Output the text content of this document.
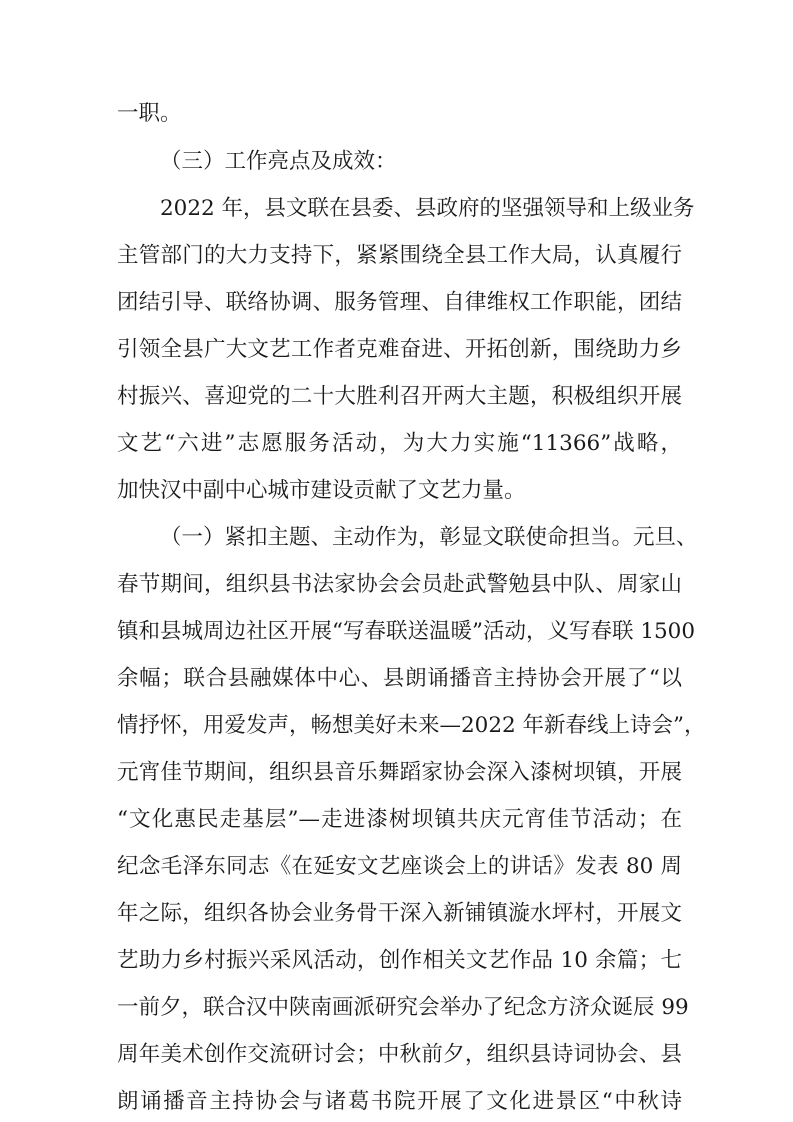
一职。

（三）工作亮点及成效：

2022 年，县文联在县委、县政府的坚强领导和上级业务

主管部门的大力支持下，紧紧围绕全县工作大局，认真履行

团结引导、联络协调、服务管理、自律维权工作职能，团结

引领全县广大文艺工作者克难奋进、开拓创新，围绕助力乡

村振兴、喜迎党的二十大胜利召开两大主题，积极组织开展

文艺“六进”志愿服务活动，为大力实施“11366”战略，

加快汉中副中心城市建设贡献了文艺力量。

（一）紧扣主题、主动作为，彰显文联使命担当。元旦、

春节期间，组织县书法家协会会员赴武警勉县中队、周家山

镇和县城周边社区开展“写春联送温暖”活动，义写春联 1500

余幅；联合县融媒体中心、县朗诵播音主持协会开展了“以

情抒怀，用爱发声，畅想美好未来—2022 年新春线上诗会”，

元宵佳节期间，组织县音乐舞蹈家协会深入漆树坝镇，开展

“文化惠民走基层”—走进漆树坝镇共庆元宵佳节活动；在

纪念毛泽东同志《在延安文艺座谈会上的讲话》发表 80 周

年之际，组织各协会业务骨干深入新铺镇漩水坪村，开展文

艺助力乡村振兴采风活动，创作相关文艺作品 10 余篇；七

一前夕，联合汉中陕南画派研究会举办了纪念方济众诞辰 99

周年美术创作交流研讨会；中秋前夕，组织县诗词协会、县

朗诵播音主持协会与诸葛书院开展了文化进景区“中秋诗
